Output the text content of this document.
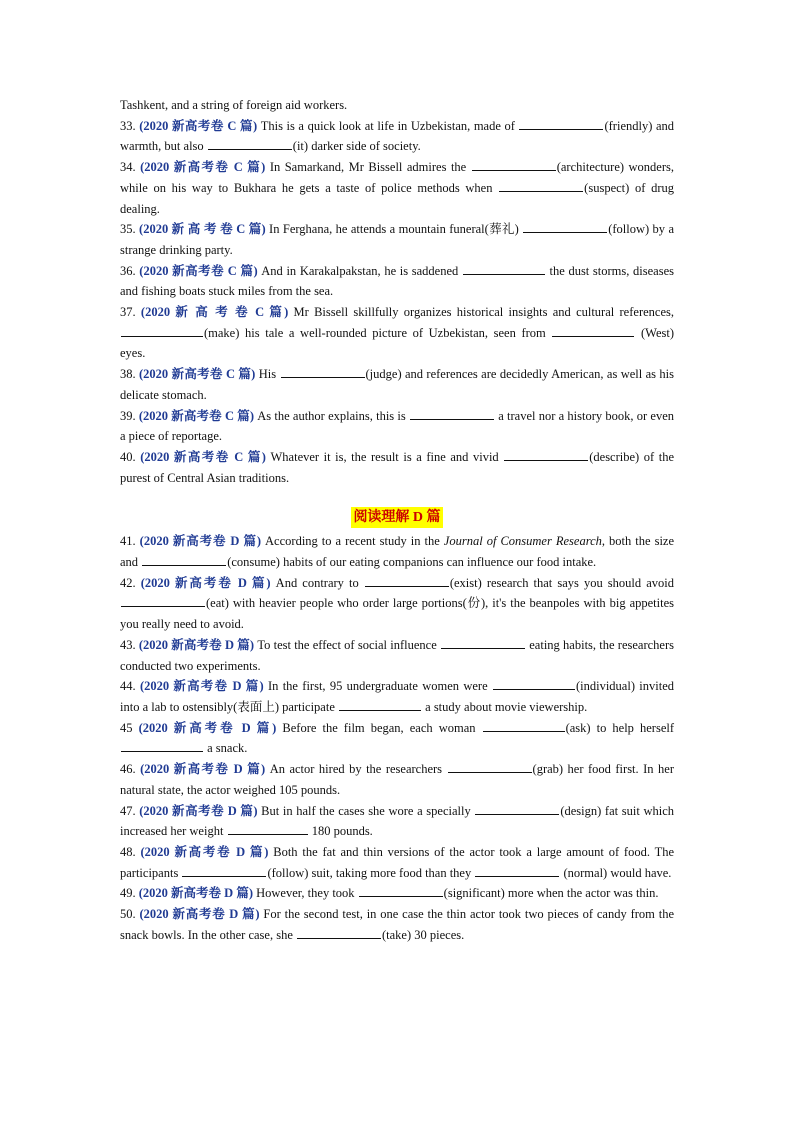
Tashkent, and a string of foreign aid workers.

33. (2020 新高考卷 C 篇) This is a quick look at life in Uzbekistan, made of	(friendly) and warmth, but also	(it) darker side of society.

34. (2020 新高考卷 C 篇) In Samarkand, Mr Bissell admires the	(architecture) wonders, while on his way to Bukhara he gets a taste of police methods when	(suspect) of drug dealing.

35. (2020 新 高 考 卷 C 篇) In Ferghana, he attends a mountain funeral(葬礼)	(follow) by a strange drinking party.

36. (2020 新高考卷 C 篇) And in Karakalpakstan, he is saddened	the dust storms, diseases and fishing boats stuck miles from the sea.

37. (2020 新 高 考 卷 C 篇) Mr Bissell skillfully organizes historical insights and cultural references, (make) his tale a well-rounded picture of Uzbekistan, seen from	(West) eyes.

38. (2020 新高考卷 C 篇) His	(judge) and references are decidedly American, as well as his delicate stomach.

39. (2020 新高考卷 C 篇) As the author explains, this is	a travel nor a history book, or even a piece of reportage.

40. (2020 新高考卷 C 篇) Whatever it is, the result is a fine and vivid	(describe) of the purest of Central Asian traditions.

阅读理解 D 篇

41. (2020 新高考卷 D 篇) According to a recent study in the Journal of Consumer Research, both the size and	(consume) habits of our eating companions can influence our food intake.

42. (2020 新高考卷 D 篇) And contrary to	(exist) research that says you should avoid (eat) with heavier people who order large portions(份), it's the beanpoles with big appetites you really need to avoid.

43. (2020 新高考卷 D 篇) To test the effect of social influence	eating habits, the researchers conducted two experiments.

44. (2020 新高考卷 D 篇) In the first, 95 undergraduate women were	(individual) invited into a lab to ostensibly(表面上) participate	a study about movie viewership.

45 (2020 新高考卷 D 篇) Before the film began, each woman	(ask) to help herself  a snack.

46. (2020 新高考卷 D 篇) An actor hired by the researchers	(grab) her food first. In her natural state, the actor weighed 105 pounds.

47. (2020 新高考卷 D 篇) But in half the cases she wore a specially	(design) fat suit which increased her weight	180 pounds.

48. (2020 新高考卷 D 篇) Both the fat and thin versions of the actor took a large amount of food. The participants	(follow) suit, taking more food than they	(normal) would have.

49. (2020 新高考卷 D 篇) However, they took	(significant) more when the actor was thin.

50. (2020 新高考卷 D 篇) For the second test, in one case the thin actor took two pieces of candy from the snack bowls. In the other case, she	(take) 30 pieces.
